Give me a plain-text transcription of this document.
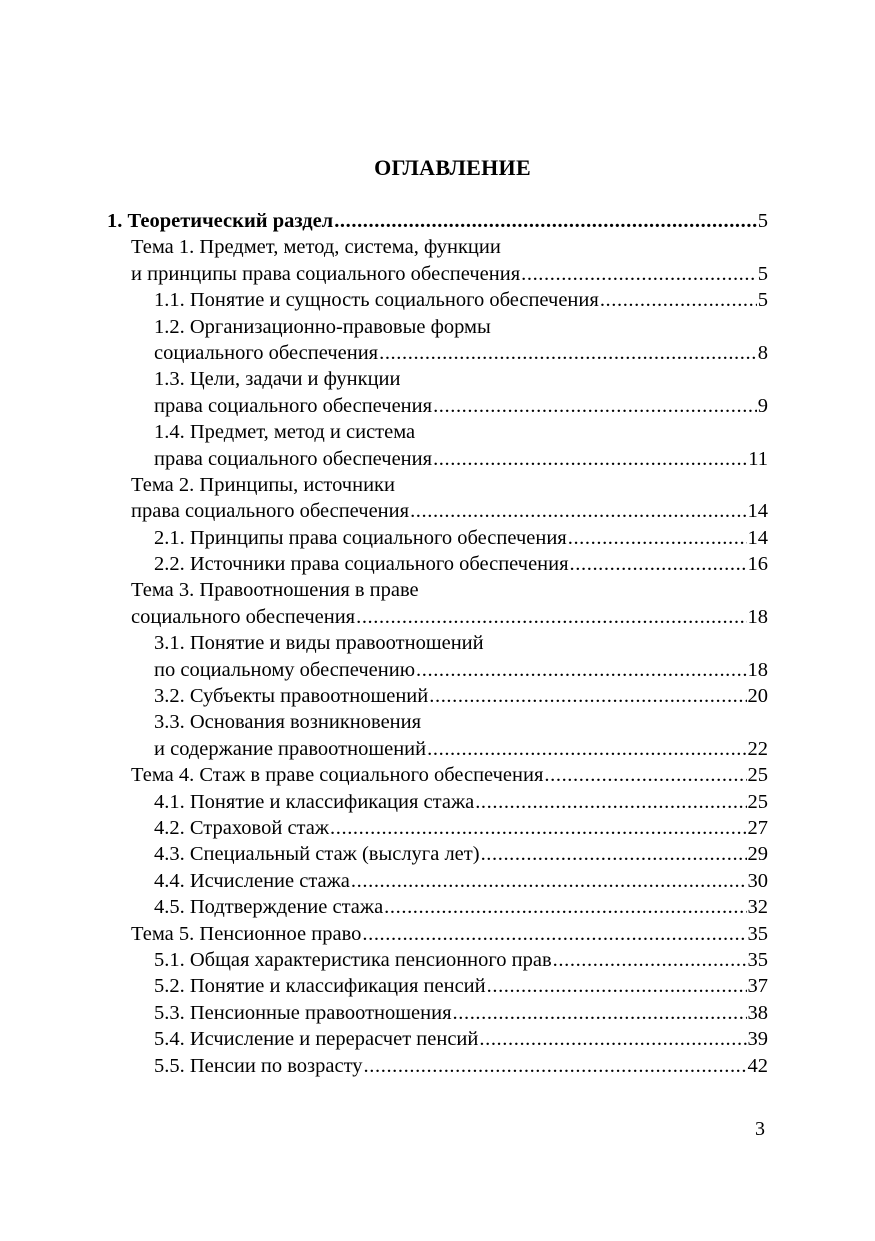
ОГЛАВЛЕНИЕ
1. Теоретический раздел .....	5
Тема 1. Предмет, метод, система, функции
и принципы права социального обеспечения .....	5
1.1. Понятие и сущность социального обеспечения .....	5
1.2. Организационно-правовые формы
социального обеспечения .....	8
1.3. Цели, задачи и функции
права социального обеспечения .....	9
1.4. Предмет, метод и система
права социального обеспечения .....	11
Тема 2. Принципы, источники
права социального обеспечения .....	14
2.1. Принципы права социального обеспечения .....	14
2.2. Источники права социального обеспечения .....	16
Тема 3. Правоотношения в праве
социального обеспечения .....	18
3.1. Понятие и виды правоотношений
по социальному обеспечению .....	18
3.2. Субъекты правоотношений .....	20
3.3. Основания возникновения
и содержание правоотношений .....	22
Тема 4. Стаж в праве социального обеспечения .....	25
4.1. Понятие и классификация стажа .....	25
4.2. Страховой стаж .....	27
4.3. Специальный стаж (выслуга лет) .....	29
4.4. Исчисление стажа .....	30
4.5. Подтверждение стажа .....	32
Тема 5. Пенсионное право .....	35
5.1. Общая характеристика пенсионного прав .....	35
5.2. Понятие и классификация пенсий .....	37
5.3. Пенсионные правоотношения .....	38
5.4. Исчисление и перерасчет пенсий .....	39
5.5. Пенсии по возрасту .....	42
3
